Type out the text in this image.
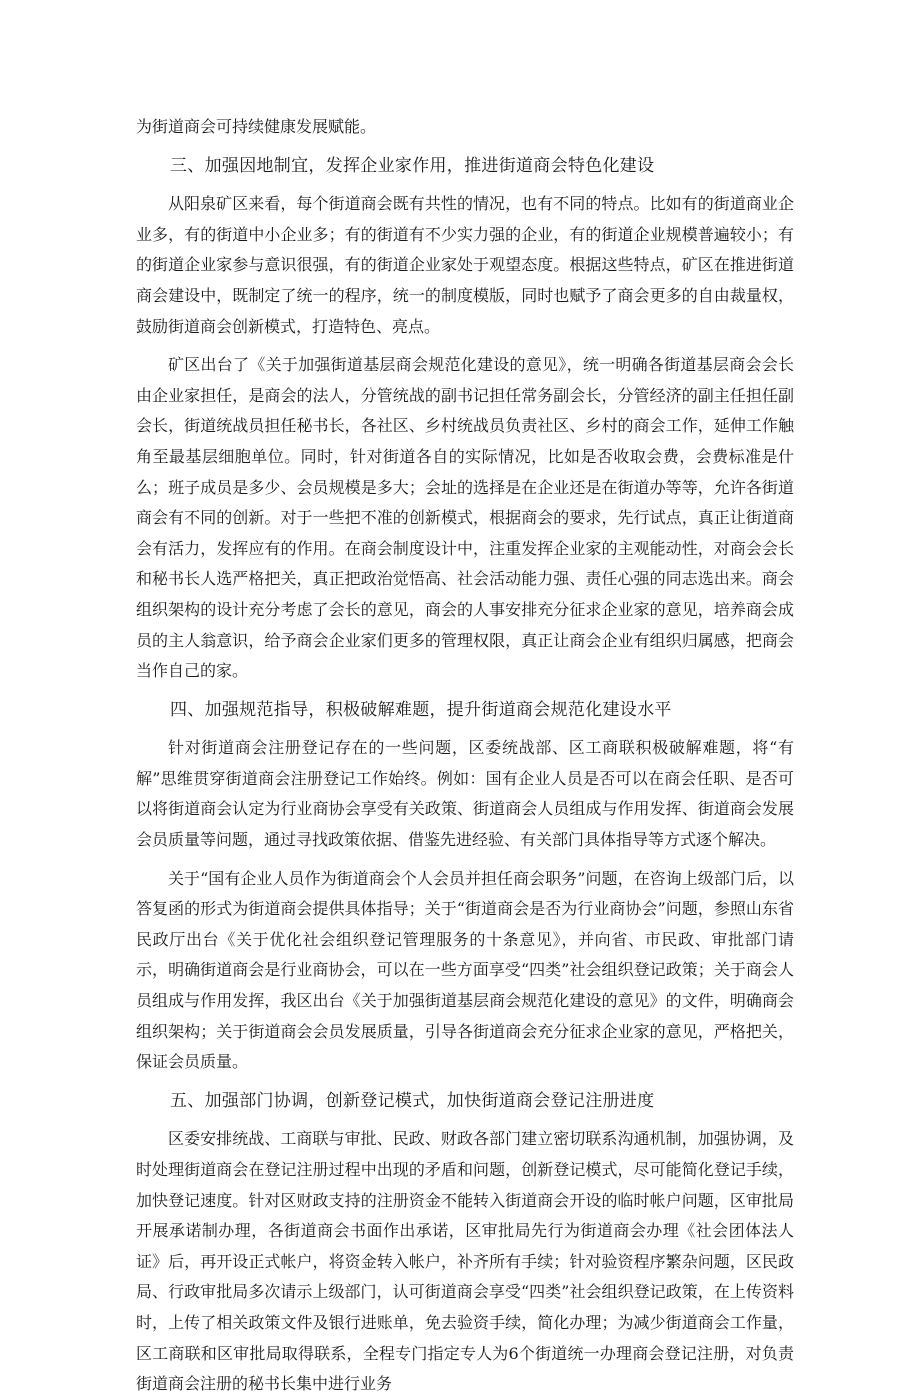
为街道商会可持续健康发展赋能。

三、加强因地制宜，发挥企业家作用，推进街道商会特色化建设

从阳泉矿区来看，每个街道商会既有共性的情况，也有不同的特点。比如有的街道商业企业多，有的街道中小企业多；有的街道有不少实力强的企业，有的街道企业规模普遍较小；有的街道企业家参与意识很强，有的街道企业家处于观望态度。根据这些特点，矿区在推进街道商会建设中，既制定了统一的程序，统一的制度模版，同时也赋予了商会更多的自由裁量权，鼓励街道商会创新模式，打造特色、亮点。

矿区出台了《关于加强街道基层商会规范化建设的意见》，统一明确各街道基层商会会长由企业家担任，是商会的法人，分管统战的副书记担任常务副会长，分管经济的副主任担任副会长，街道统战员担任秘书长，各社区、乡村统战员负责社区、乡村的商会工作，延伸工作触角至最基层细胞单位。同时，针对街道各自的实际情况，比如是否收取会费，会费标准是什么；班子成员是多少、会员规模是多大；会址的选择是在企业还是在街道办等等，允许各街道商会有不同的创新。对于一些把不准的创新模式，根据商会的要求，先行试点，真正让街道商会有活力，发挥应有的作用。在商会制度设计中，注重发挥企业家的主观能动性，对商会会长和秘书长人选严格把关，真正把政治觉悟高、社会活动能力强、责任心强的同志选出来。商会组织架构的设计充分考虑了会长的意见，商会的人事安排充分征求企业家的意见，培养商会成员的主人翁意识，给予商会企业家们更多的管理权限，真正让商会企业有组织归属感，把商会当作自己的家。

四、加强规范指导，积极破解难题，提升街道商会规范化建设水平

针对街道商会注册登记存在的一些问题，区委统战部、区工商联积极破解难题，将“有解”思维贯穿街道商会注册登记工作始终。例如：国有企业人员是否可以在商会任职、是否可以将街道商会认定为行业商协会享受有关政策、街道商会人员组成与作用发挥、街道商会发展会员质量等问题，通过寻找政策依据、借鉴先进经验、有关部门具体指导等方式逐个解决。

关于“国有企业人员作为街道商会个人会员并担任商会职务”问题，在咨询上级部门后，以答复函的形式为街道商会提供具体指导；关于“街道商会是否为行业商协会”问题，参照山东省民政厅出台《关于优化社会组织登记管理服务的十条意见》，并向省、市民政、审批部门请示，明确街道商会是行业商协会，可以在一些方面享受“四类”社会组织登记政策；关于商会人员组成与作用发挥，我区出台《关于加强街道基层商会规范化建设的意见》的文件，明确商会组织架构；关于街道商会会员发展质量，引导各街道商会充分征求企业家的意见，严格把关，保证会员质量。

五、加强部门协调，创新登记模式，加快街道商会登记注册进度

区委安排统战、工商联与审批、民政、财政各部门建立密切联系沟通机制，加强协调，及时处理街道商会在登记注册过程中出现的矛盾和问题，创新登记模式，尽可能简化登记手续，加快登记速度。针对区财政支持的注册资金不能转入街道商会开设的临时帐户问题，区审批局开展承诺制办理，各街道商会书面作出承诺，区审批局先行为街道商会办理《社会团体法人证》后，再开设正式帐户，将资金转入帐户，补齐所有手续；针对验资程序繁杂问题，区民政局、行政审批局多次请示上级部门，认可街道商会享受“四类”社会组织登记政策，在上传资料时，上传了相关政策文件及银行进账单，免去验资手续，简化办理；为减少街道商会工作量，区工商联和区审批局取得联系，全程专门指定专人为6个街道统一办理商会登记注册，对负责街道商会注册的秘书长集中进行业务
